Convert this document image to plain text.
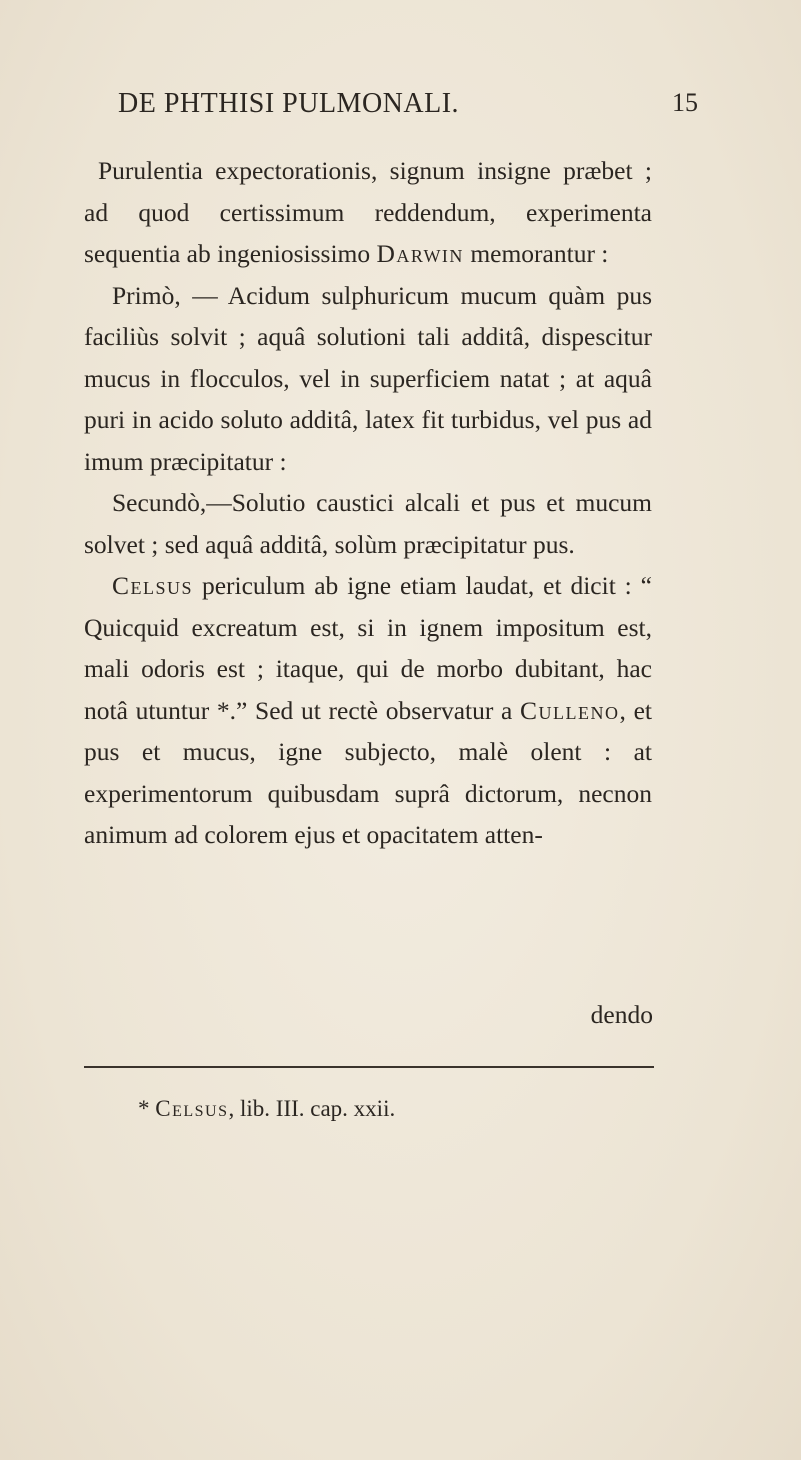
DE PHTHISI PULMONALI.	15

Purulentia expectorationis, signum insigne præbet ; ad quod certissimum reddendum, experimenta sequentia ab ingeniosissimo Darwin memorantur :

Primò, — Acidum sulphuricum mucum quàm pus faciliùs solvit ; aquâ solutioni tali additâ, dispescitur mucus in flocculos, vel in superficiem natat ; at aquâ puri in acido soluto additâ, latex fit turbidus, vel pus ad imum præcipitatur :

Secundò,—Solutio caustici alcali et pus et mucum solvet ; sed aquâ additâ, solùm præcipitatur pus.

Celsus periculum ab igne etiam laudat, et dicit : “ Quicquid excreatum est, si in ignem impositum est, mali odoris est ; itaque, qui de morbo dubitant, hac notâ utuntur *.” Sed ut rectè observatur a Culleno, et pus et mucus, igne subjecto, malè olent : at experimentorum quibusdam suprâ dictorum, necnon animum ad colorem ejus et opacitatem atten-

dendo
* Celsus, lib. III. cap. xxii.
